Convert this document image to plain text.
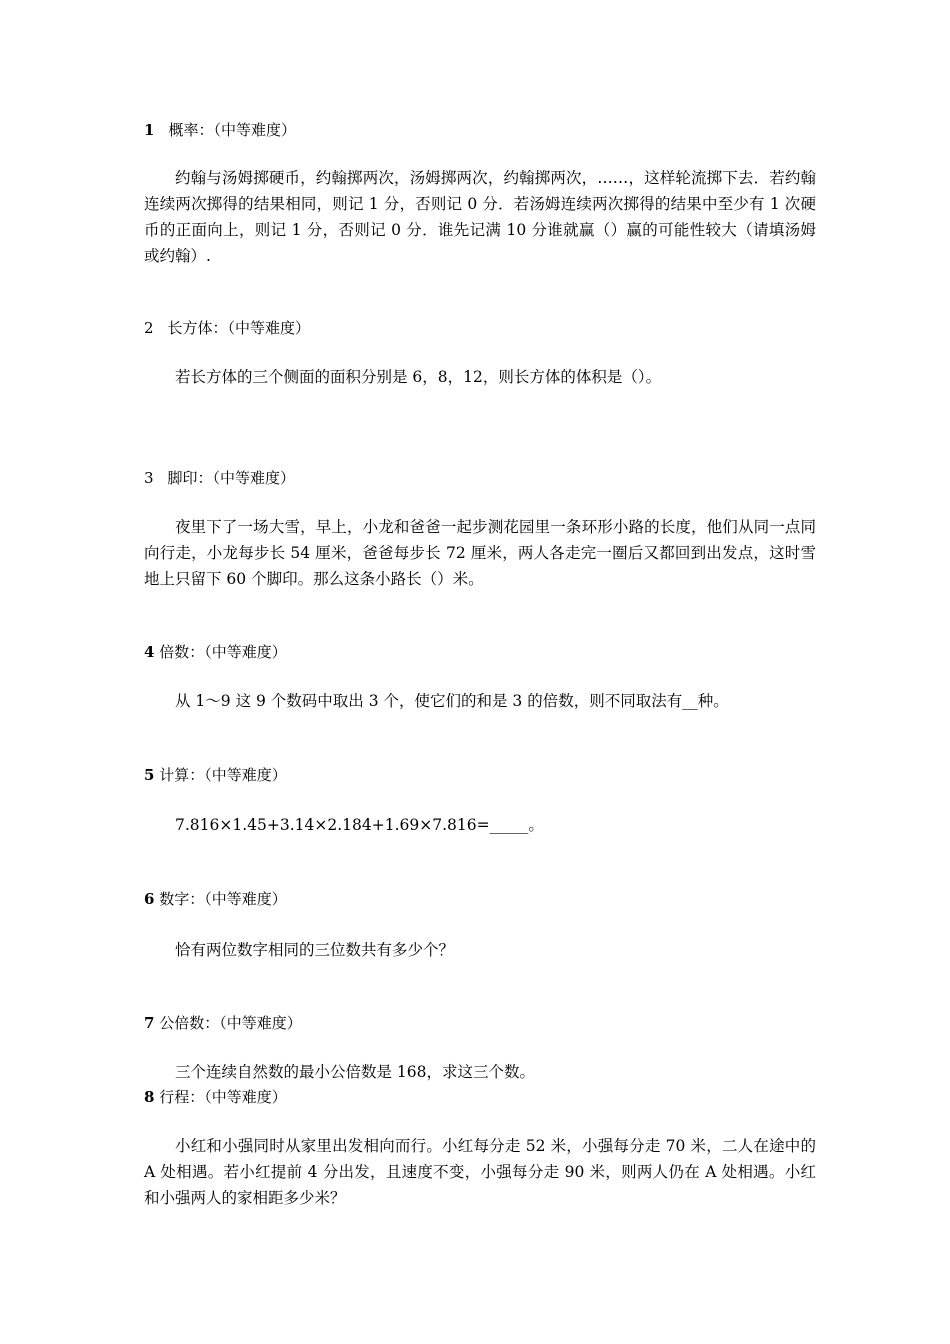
1 概率：（中等难度）
约翰与汤姆掷硬币，约翰掷两次，汤姆掷两次，约翰掷两次，……，这样轮流掷下去．若约翰连续两次掷得的结果相同，则记 1 分，否则记 0 分．若汤姆连续两次掷得的结果中至少有 1 次硬币的正面向上，则记 1 分，否则记 0 分．谁先记满 10 分谁就赢（）赢的可能性较大（请填汤姆或约翰）.
2 长方体：（中等难度）
若长方体的三个侧面的面积分别是 6，8，12，则长方体的体积是（）。
3 脚印：（中等难度）
夜里下了一场大雪，早上，小龙和爸爸一起步测花园里一条环形小路的长度，他们从同一点同向行走，小龙每步长 54 厘米，爸爸每步长 72 厘米，两人各走完一圈后又都回到出发点，这时雪地上只留下 60 个脚印。那么这条小路长（）米。
4 倍数：（中等难度）
从 1～9 这 9 个数码中取出 3 个，使它们的和是 3 的倍数，则不同取法有__种。
5 计算：（中等难度）
7.816×1.45+3.14×2.184+1.69×7.816=_____。
6 数字：（中等难度）
恰有两位数字相同的三位数共有多少个？
7 公倍数：（中等难度）
三个连续自然数的最小公倍数是 168，求这三个数。
8 行程：（中等难度）
小红和小强同时从家里出发相向而行。小红每分走 52 米，小强每分走 70 米，二人在途中的 A 处相遇。若小红提前 4 分出发，且速度不变，小强每分走 90 米，则两人仍在 A 处相遇。小红和小强两人的家相距多少米？
